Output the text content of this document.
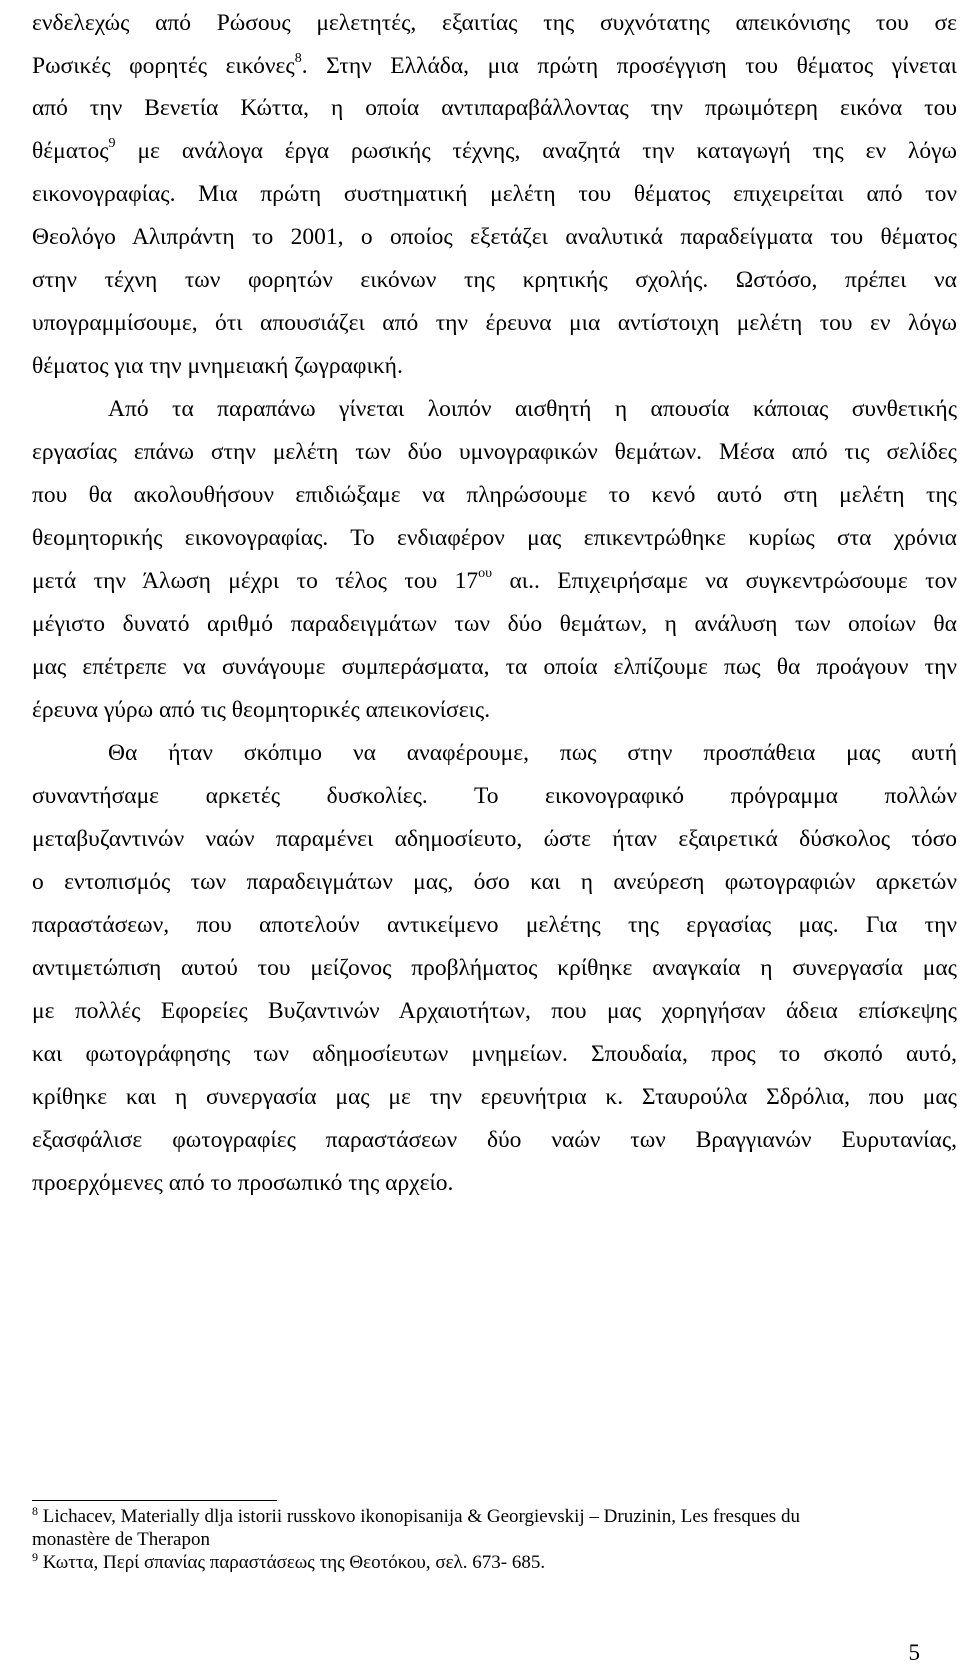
ενδελεχώς από Ρώσους μελετητές, εξαιτίας της συχνότατης απεικόνισης του σε
Ρωσικές φορητές εικόνες$^8$. Στην Ελλάδα, μια πρώτη προσέγγιση του θέματος γίνεται
από την Βενετία Κώττα, η οποία αντιπαραβάλλοντας την πρωιμότερη εικόνα του
θέματος$^9$ με ανάλογα έργα ρωσικής τέχνης, αναζητά την καταγωγή της εν λόγω
εικονογραφίας. Μια πρώτη συστηματική μελέτη του θέματος επιχειρείται από τον
Θεολόγο Αλιπράντη το 2001, ο οποίος εξετάζει αναλυτικά παραδείγματα του θέματος
στην τέχνη των φορητών εικόνων της κρητικής σχολής. Ωστόσο, πρέπει να
υπογραμμίσουμε, ότι απουσιάζει από την έρευνα μια αντίστοιχη μελέτη του εν λόγω
θέματος για την μνημειακή ζωγραφική.
Από τα παραπάνω γίνεται λοιπόν αισθητή η απουσία κάποιας συνθετικής
εργασίας επάνω στην μελέτη των δύο υμνογραφικών θεμάτων. Μέσα από τις σελίδες
που θα ακολουθήσουν επιδιώξαμε να πληρώσουμε το κενό αυτό στη μελέτη της
θεομητορικής εικονογραφίας. Το ενδιαφέρον μας επικεντρώθηκε κυρίως στα χρόνια
μετά την Άλωση μέχρι το τέλος του $17^{o\upsilon}$ αι.. Επιχειρήσαμε να συγκεντρώσουμε τον
μέγιστο δυνατό αριθμό παραδειγμάτων των δύο θεμάτων, η ανάλυση των οποίων θα
μας επέτρεπε να συνάγουμε συμπεράσματα, τα οποία ελπίζουμε πως θα προάγουν την
έρευνα γύρω από τις θεομητορικές απεικονίσεις.
Θα ήταν σκόπιμο να αναφέρουμε, πως στην προσπάθεια μας αυτή
συναντήσαμε αρκετές δυσκολίες. Το εικονογραφικό πρόγραμμα πολλών
μεταβυζαντινών ναών παραμένει αδημοσίευτο, ώστε ήταν εξαιρετικά δύσκολος τόσο
ο εντοπισμός των παραδειγμάτων μας, όσο και η ανεύρεση φωτογραφιών αρκετών
παραστάσεων, που αποτελούν αντικείμενο μελέτης της εργασίας μας. Για την
αντιμετώπιση αυτού του μείζονος προβλήματος κρίθηκε αναγκαία η συνεργασία μας
με πολλές Εφορείες Βυζαντινών Αρχαιοτήτων, που μας χορηγήσαν άδεια επίσκεψης
και φωτογράφησης των αδημοσίευτων μνημείων. Σπουδαία, προς το σκοπό αυτό,
κρίθηκε και η συνεργασία μας με την ερευνήτρια κ. Σταυρούλα Σδρόλια, που μας
εξασφάλισε φωτογραφίες παραστάσεων δύο ναών των Βραγγιανών Ευρυτανίας,
προερχόμενες από το προσωπικό της αρχείο.
$^8$ Lichacev, Materially dlja istorii russkovo ikonopisanija & Georgievskij – Druzinin, Les fresques du
monastère de Therapon
$^9$ Κωττα, Περί σπανίας παραστάσεως της Θεοτόκου, σελ. 673- 685.
5
